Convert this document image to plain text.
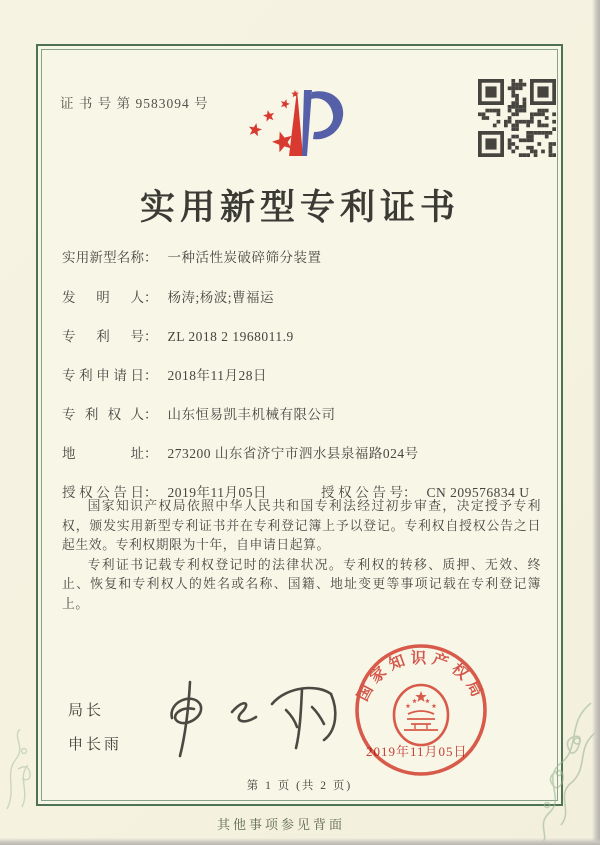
证 书 号 第 9583094 号
实用新型专利证书
实用新型名称： 一种活性炭破碎筛分装置
发明人： 杨涛;杨波;曹福运
专利号： ZL 2018 2 1968011.9
专利申请日： 2018年11月28日
专利权人： 山东恒易凯丰机械有限公司
地址： 273200 山东省济宁市泗水县泉福路024号
授权公告日： 2019年11月05日	授权公告号： CN 209576834 U

国家知识产权局依照中华人民共和国专利法经过初步审查，决定授予专利权，颁发实用新型专利证书并在专利登记簿上予以登记。专利权自授权公告之日起生效。专利权期限为十年，自申请日起算。

专利证书记载专利权登记时的法律状况。专利权的转移、质押、无效、终止、恢复和专利权人的姓名或名称、国籍、地址变更等事项记载在专利登记簿上。

局长
申长雨
国家知识产权局
2019年11月05日
第 1 页 (共 2 页)
其他事项参见背面
